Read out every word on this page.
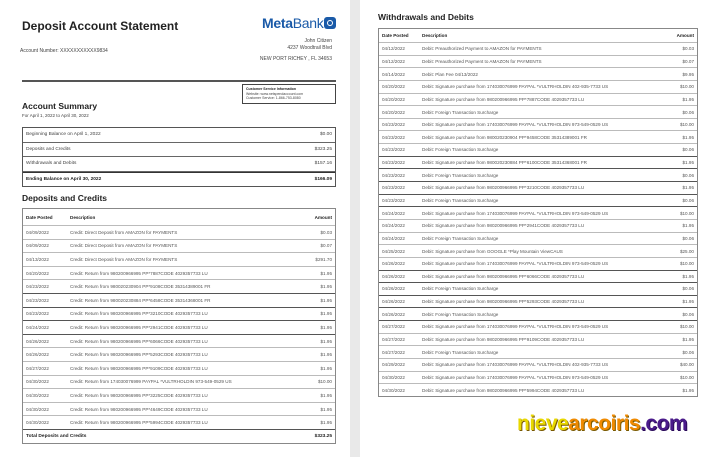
Deposit Account Statement
Account Number: XXXXXXXXXXX9834
MetaBank
John Citizen
4237 Woodtrail Blvd
NEW PORT RICHEY , FL 34653
Customer Service Information
Website: www.netspendaccount.com
Customer Service: 1-866-753-8080
Account Summary
For April 1, 2022 to April 30, 2022
Beginning Balance on April 1, 2022	$0.00
Deposits and Credits	$323.25
Withdrawals and Debits	$157.16
Ending Balance on April 30, 2022	$166.09
Deposits and Credits
Date Posted	Description	Amount
04/09/2022	Credit: Direct Deposit from AMAZON for PAYMENTS	$0.03
04/09/2022	Credit: Direct Deposit from AMAZON for PAYMENTS	$0.07
04/13/2022	Credit: Direct Deposit from AMAZON for PAYMENTS	$291.70
04/20/2022	Credit: Return from 980200966995 PP*7887CODE 4029357733 LU	$1.95
04/23/2022	Credit: Return from 980020230904 PP*9108CODE 35314389001 FR	$1.95
04/23/2022	Credit: Return from 980020230884 PP*6458CODE 35314368001 FR	$1.95
04/23/2022	Credit: Return from 980200966995 PP*3210CODE 4029357733 LU	$1.95
04/24/2022	Credit: Return from 980200966995 PP*2941CODE 4029357733 LU	$1.95
04/26/2022	Credit: Return from 980200966995 PP*6066CODE 4029357733 LU	$1.95
04/26/2022	Credit: Return from 980200966995 PP*5293CODE 4029357733 LU	$1.95
04/27/2022	Credit: Return from 980200966995 PP*9109CODE 4029357733 LU	$1.95
04/30/2022	Credit: Return from 174030076999 PAYPAL *VULTRHOLDIN 973-549-0529 US	$10.00
04/30/2022	Credit: Return from 980200966995 PP*3225CODE 4029357733 LU	$1.95
04/30/2022	Credit: Return from 980200966995 PP*4649CODE 4029357733 LU	$1.95
04/30/2022	Credit: Return from 980200966995 PP*5994CODE 4029357733 LU	$1.95
Total Deposits and Credits	$323.25
Withdrawals and Debits
Date Posted	Description	Amount
04/12/2022	Debit: Preauthorized Payment to AMAZON for PAYMENTS	$0.03
04/12/2022	Debit: Preauthorized Payment to AMAZON for PAYMENTS	$0.07
04/14/2022	Debit: Plan Fee 04/13/2022	$9.95
04/20/2022	Debit: Signature purchase from 174030076999 PAYPAL *VULTRHOLDIN 402-935-7733 US	$10.00
04/20/2022	Debit: Signature purchase from 980200966995 PP*7887CODE 4029357733 LU	$1.95
04/20/2022	Debit: Foreign Transaction Surcharge	$0.06
04/23/2022	Debit: Signature purchase from 174030076999 PAYPAL *VULTRHOLDIN 973-549-0529 US	$10.00
04/23/2022	Debit: Signature purchase from 980020230904 PP*9458CODE 35314389001 FR	$1.95
04/23/2022	Debit: Foreign Transaction Surcharge	$0.06
04/23/2022	Debit: Signature purchase from 980020230884 PP*6100CODE 35314368001 FR	$1.95
04/23/2022	Debit: Foreign Transaction Surcharge	$0.06
04/23/2022	Debit: Signature purchase from 980200966995 PP*3210CODE 4029357733 LU	$1.95
04/23/2022	Debit: Foreign Transaction Surcharge	$0.06
04/24/2022	Debit: Signature purchase from 174030076999 PAYPAL *VULTRHOLDIN 973-549-0529 US	$10.00
04/24/2022	Debit: Signature purchase from 980200966995 PP*2941CODE 4029357733 LU	$1.95
04/24/2022	Debit: Foreign Transaction Surcharge	$0.06
04/25/2022	Debit: Signature purchase from GOOGLE *Play Mountain ViewCAUS	$25.00
04/26/2022	Debit: Signature purchase from 174030076999 PAYPAL *VULTRHOLDIN 973-549-0529 US	$10.00
04/26/2022	Debit: Signature purchase from 980200966995 PP*6066CODE 4029357733 LU	$1.95
04/26/2022	Debit: Foreign Transaction Surcharge	$0.06
04/26/2022	Debit: Signature purchase from 980200966995 PP*5293CODE 4029357733 LU	$1.95
04/26/2022	Debit: Foreign Transaction Surcharge	$0.06
04/27/2022	Debit: Signature purchase from 174030076999 PAYPAL *VULTRHOLDIN 973-549-0529 US	$10.00
04/27/2022	Debit: Signature purchase from 980200966995 PP*9109CODE 4029357733 LU	$1.95
04/27/2022	Debit: Foreign Transaction Surcharge	$0.06
04/29/2022	Debit: Signature purchase from 174030076999 PAYPAL *VULTRHOLDIN 402-935-7733 US	$40.00
04/30/2022	Debit: Signature purchase from 174030076999 PAYPAL *VULTRHOLDIN 973-549-0529 US	$10.00
04/30/2022	Debit: Signature purchase from 980200966995 PP*5994CODE 4029357733 LU	$1.95
nievearcoiris.com
